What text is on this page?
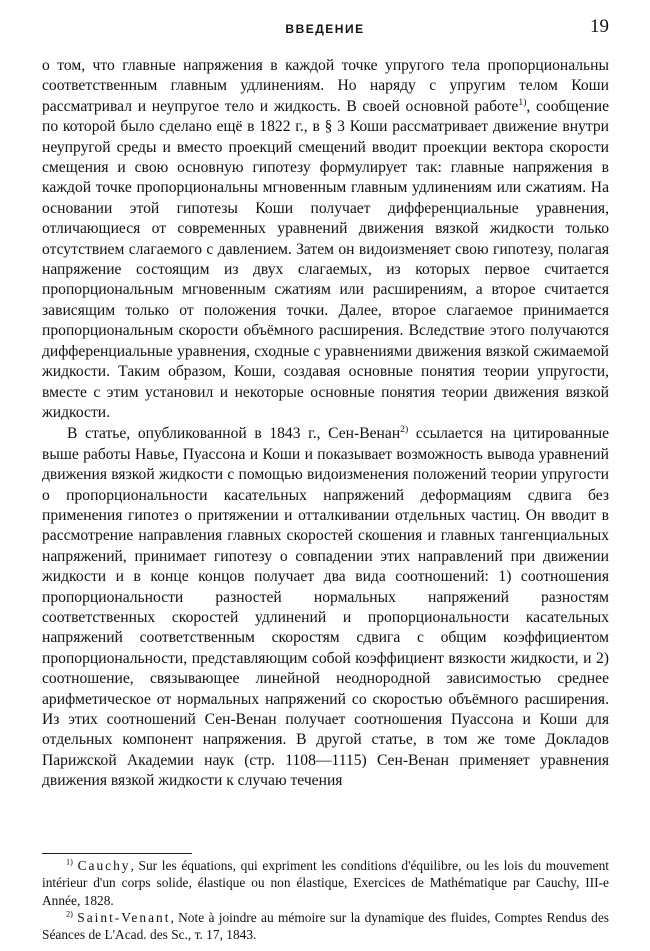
ВВЕДЕНИЕ	19

о том, что главные напряжения в каждой точке упругого тела пропорциональны соответственным главным удлинениям. Но наряду с упругим телом Коши рассматривал и неупругое тело и жидкость. В своей основной работе$^{1)}$, сообщение по которой было сделано ещё в 1822 г., в § 3 Коши рассматривает движение внутри неупругой среды и вместо проекций смещений вводит проекции вектора скорости смещения и свою основную гипотезу формулирует так: главные напряжения в каждой точке пропорциональны мгновенным главным удлинениям или сжатиям. На основании этой гипотезы Коши получает дифференциальные уравнения, отличающиеся от современных уравнений движения вязкой жидкости только отсутствием слагаемого с давлением. Затем он видоизменяет свою гипотезу, полагая напряжение состоящим из двух слагаемых, из которых первое считается пропорциональным мгновенным сжатиям или расширениям, а второе считается зависящим только от положения точки. Далее, второе слагаемое принимается пропорциональным скорости объёмного расширения. Вследствие этого получаются дифференциальные уравнения, сходные с уравнениями движения вязкой сжимаемой жидкости. Таким образом, Коши, создавая основные понятия теории упругости, вместе с этим установил и некоторые основные понятия теории движения вязкой жидкости.

В статье, опубликованной в 1843 г., Сен-Венан$^{2)}$ ссылается на цитированные выше работы Навье, Пуассона и Коши и показывает возможность вывода уравнений движения вязкой жидкости с помощью видоизменения положений теории упругости о пропорциональности касательных напряжений деформациям сдвига без применения гипотез о притяжении и отталкивании отдельных частиц. Он вводит в рассмотрение направления главных скоростей скошения и главных тангенциальных напряжений, принимает гипотезу о совпадении этих направлений при движении жидкости и в конце концов получает два вида соотношений: 1) соотношения пропорциональности разностей нормальных напряжений разностям соответственных скоростей удлинений и пропорциональности касательных напряжений соответственным скоростям сдвига с общим коэффициентом пропорциональности, представляющим собой коэффициент вязкости жидкости, и 2) соотношение, связывающее линейной неоднородной зависимостью среднее арифметическое от нормальных напряжений со скоростью объёмного расширения. Из этих соотношений Сен-Венан получает соотношения Пуассона и Коши для отдельных компонент напряжения. В другой статье, в том же томе Докладов Парижской Академии наук (стр. 1108—1115) Сен-Венан применяет уравнения движения вязкой жидкости к случаю течения

$^{1)}$ Cauchy, Sur les équations, qui expriment les conditions d'équilibre, ou les lois du mouvement intérieur d'un corps solide, élastique ou non élastique, Exercices de Mathématique par Cauchy, III-e Année, 1828.

$^{2)}$ Saint-Venant, Note à joindre au mémoire sur la dynamique des fluides, Comptes Rendus des Séances de L'Acad. des Sc., т. 17, 1843.
